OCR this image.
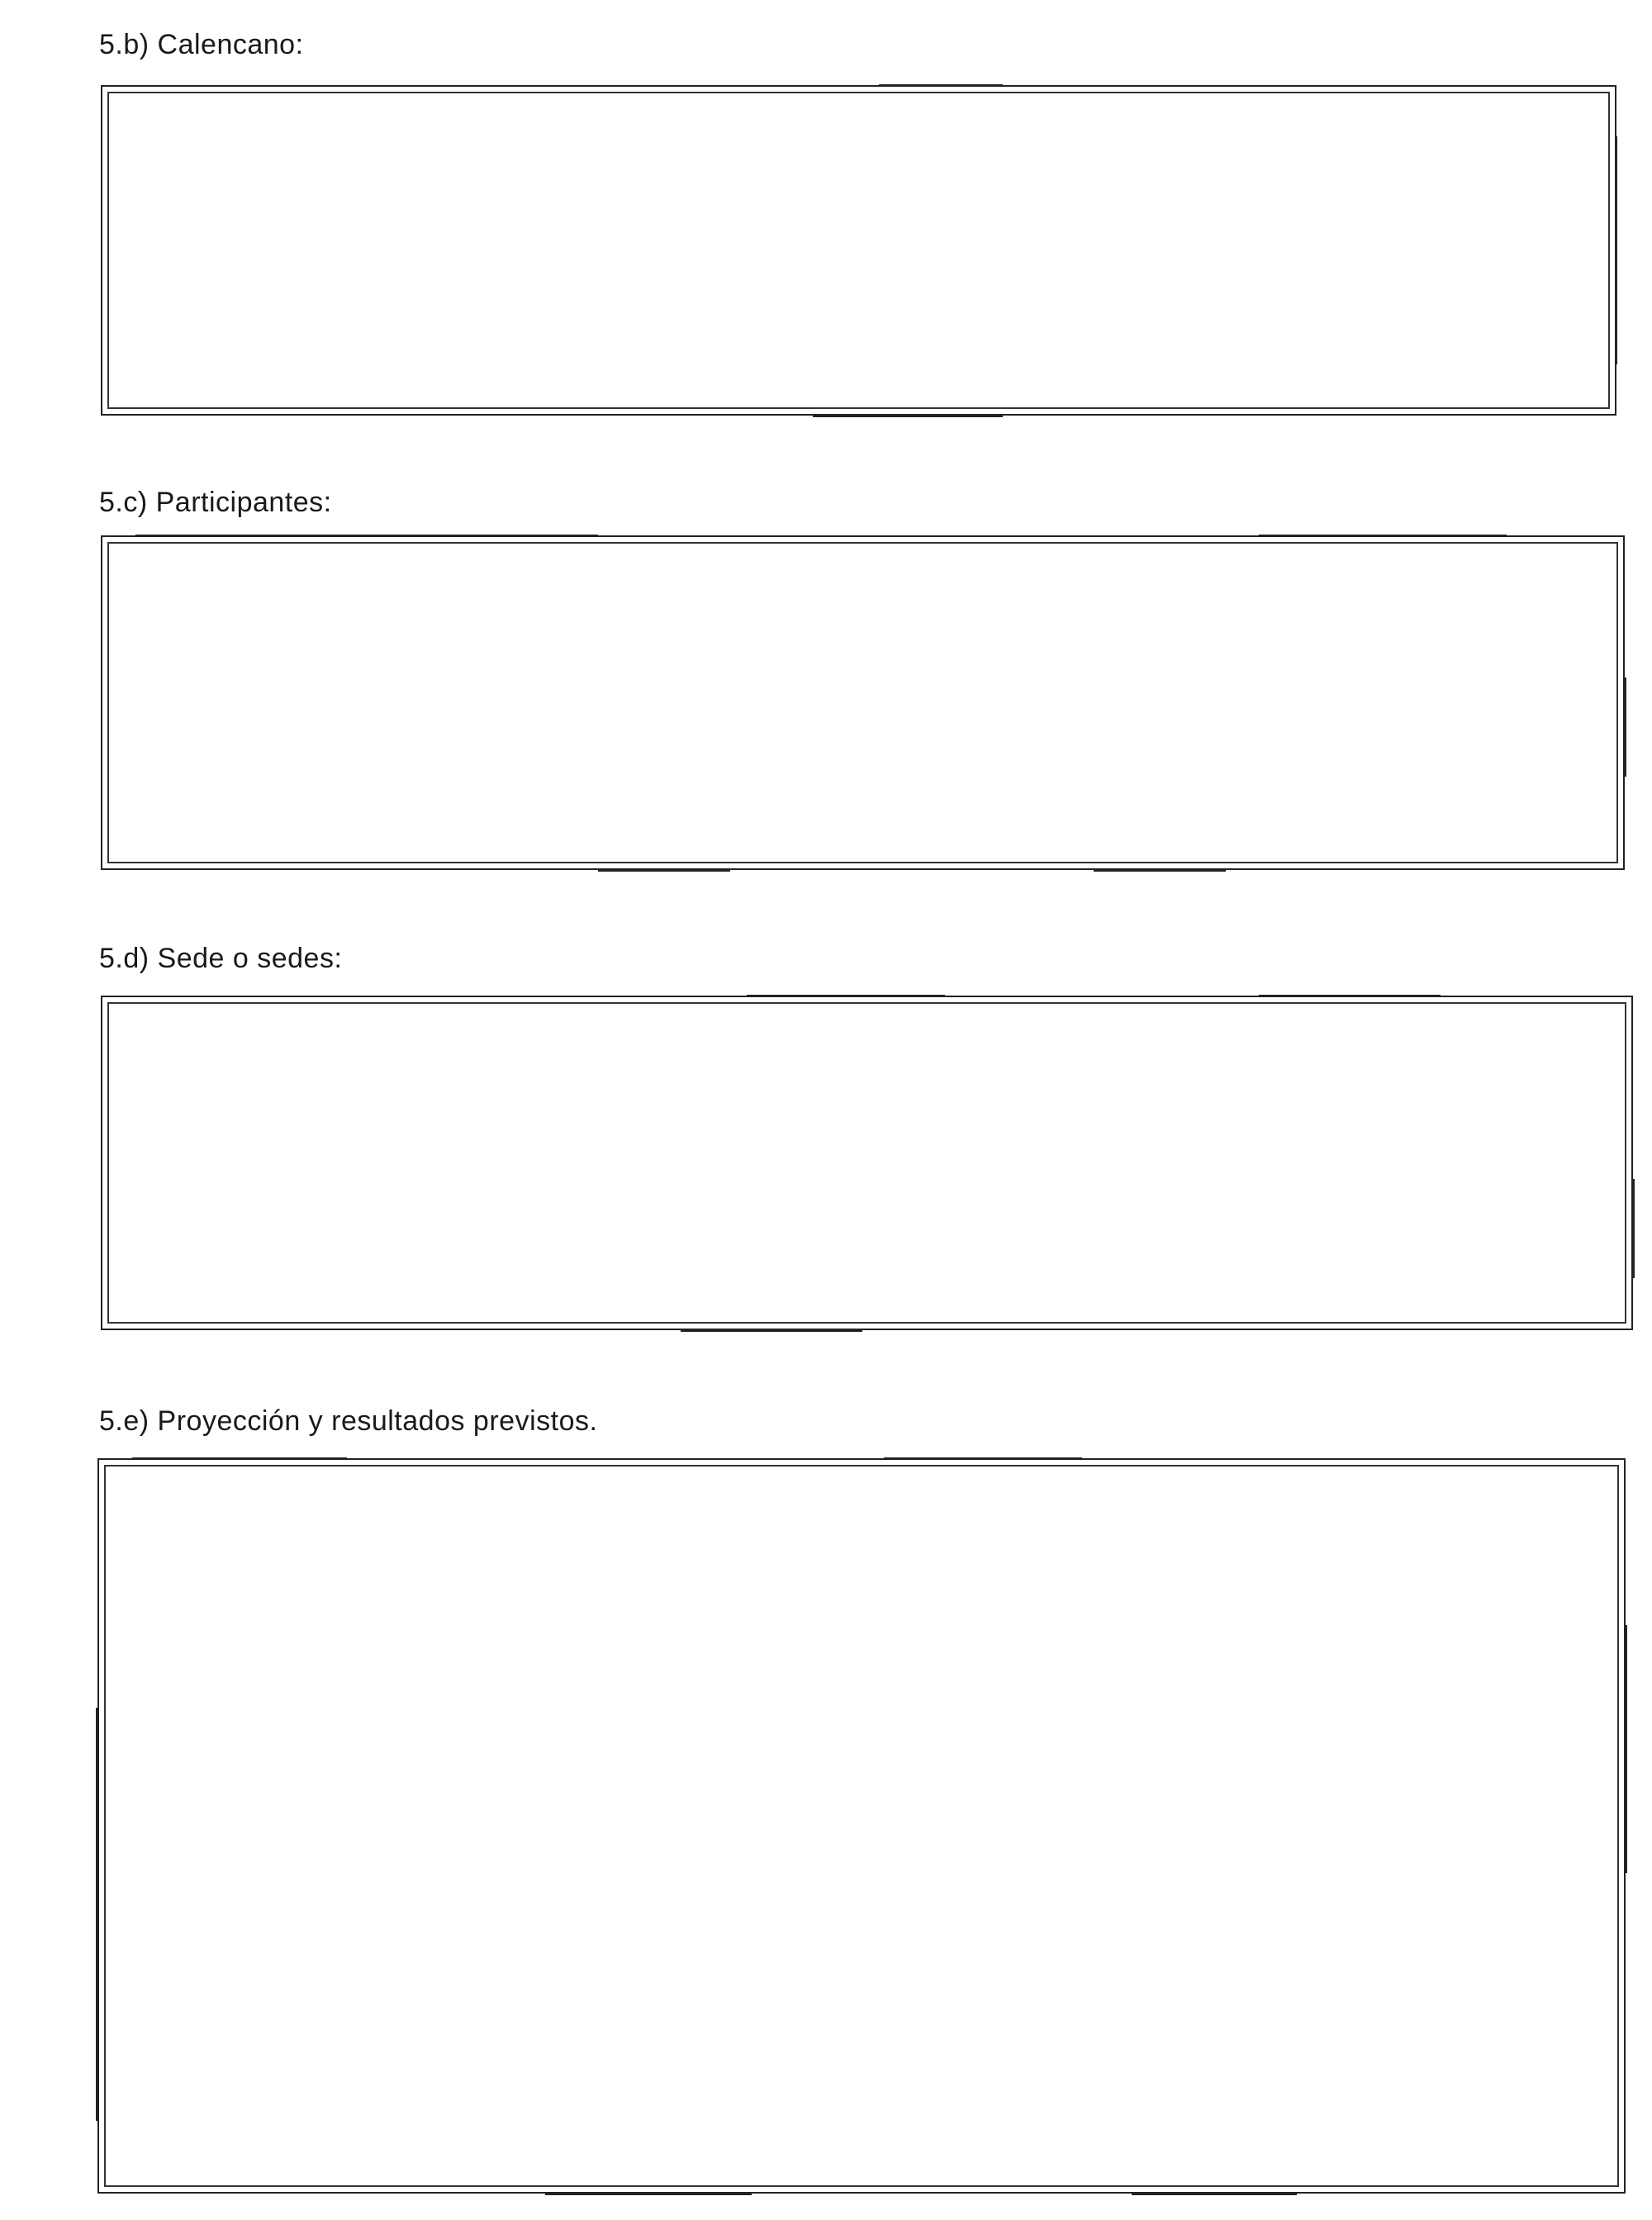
5.b) Calencano:
5.c) Participantes:
5.d) Sede o sedes:
5.e) Proyección y resultados previstos.
